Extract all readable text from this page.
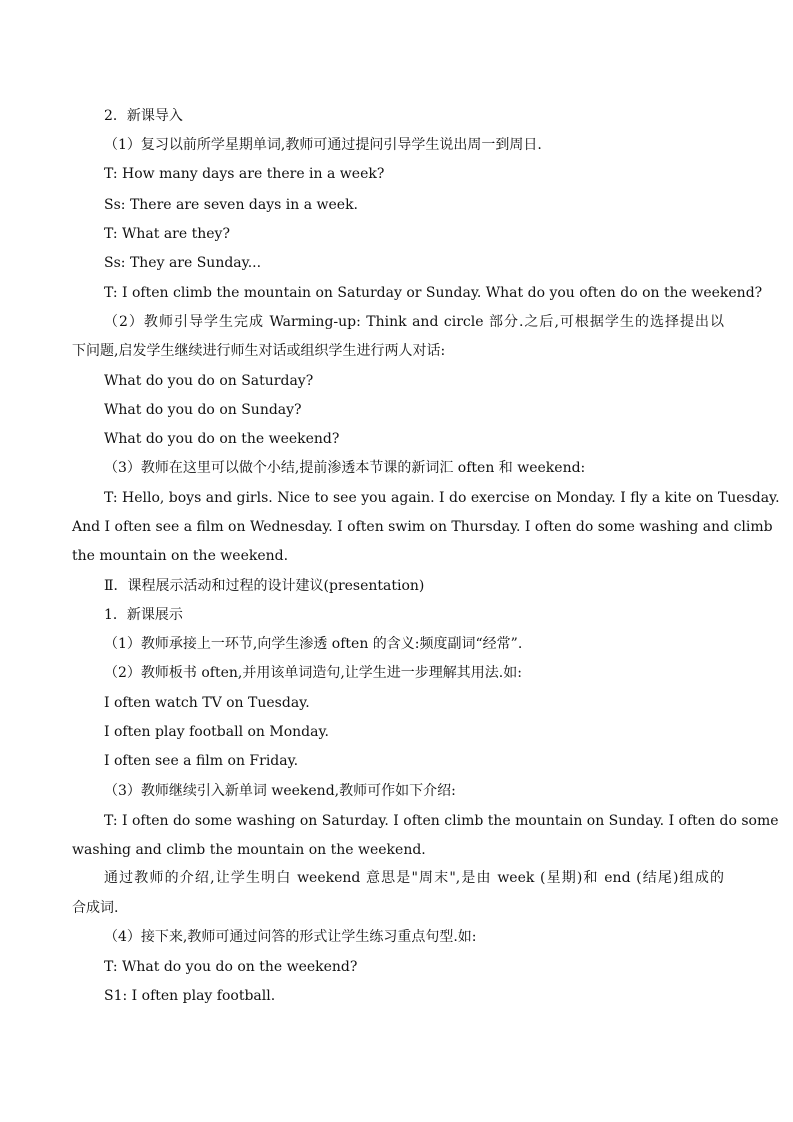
2．新课导入
（1）复习以前所学星期单词,教师可通过提问引导学生说出周一到周日.
T: How many days are there in a week?
Ss: There are seven days in a week.
T: What are they?
Ss: They are Sunday...
T: I often climb the mountain on Saturday or Sunday. What do you often do on the weekend?
（2）教师引导学生完成 Warming-up: Think and circle 部分.之后,可根据学生的选择提出以
下问题,启发学生继续进行师生对话或组织学生进行两人对话:
What do you do on Saturday?
What do you do on Sunday?
What do you do on the weekend?
（3）教师在这里可以做个小结,提前渗透本节课的新词汇 often 和 weekend:
T: Hello, boys and girls. Nice to see you again. I do exercise on Monday. I fly a kite on Tuesday.
And I often see a film on Wednesday. I often swim on Thursday. I often do some washing and climb
the mountain on the weekend.
Ⅱ．课程展示活动和过程的设计建议(presentation)
1．新课展示
（1）教师承接上一环节,向学生渗透 often 的含义:频度副词“经常”.
（2）教师板书 often,并用该单词造句,让学生进一步理解其用法.如:
I often watch TV on Tuesday.
I often play football on Monday.
I often see a film on Friday.
（3）教师继续引入新单词 weekend,教师可作如下介绍:
T: I often do some washing on Saturday. I often climb the mountain on Sunday. I often do some
washing and climb the mountain on the weekend.
通过教师的介绍,让学生明白 weekend 意思是"周末",是由 week (星期)和 end (结尾)组成的
合成词.
（4）接下来,教师可通过问答的形式让学生练习重点句型.如:
T: What do you do on the weekend?
S1: I often play football.
